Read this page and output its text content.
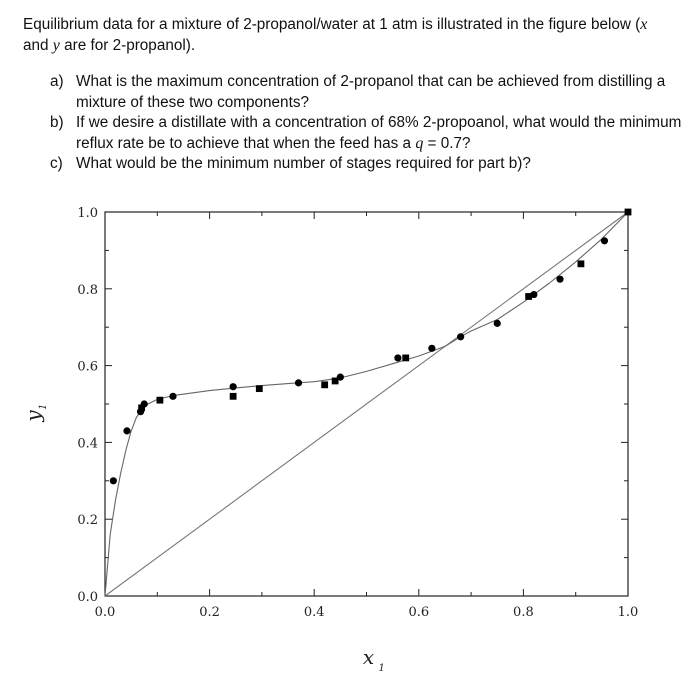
Equilibrium data for a mixture of 2-propanol/water at 1 atm is illustrated in the figure below (x and y are for 2-propanol).
a) What is the maximum concentration of 2-propanol that can be achieved from distilling a mixture of these two components?
b) If we desire a distillate with a concentration of 68% 2-propoanol, what would the minimum reflux rate be to achieve that when the feed has a q = 0.7?
c) What would be the minimum number of stages required for part b)?
0.0	0.2	0.4	0.6	0.8	1.0
0.0
0.2
0.4
0.6
0.8
1.0
x 1
y
1
